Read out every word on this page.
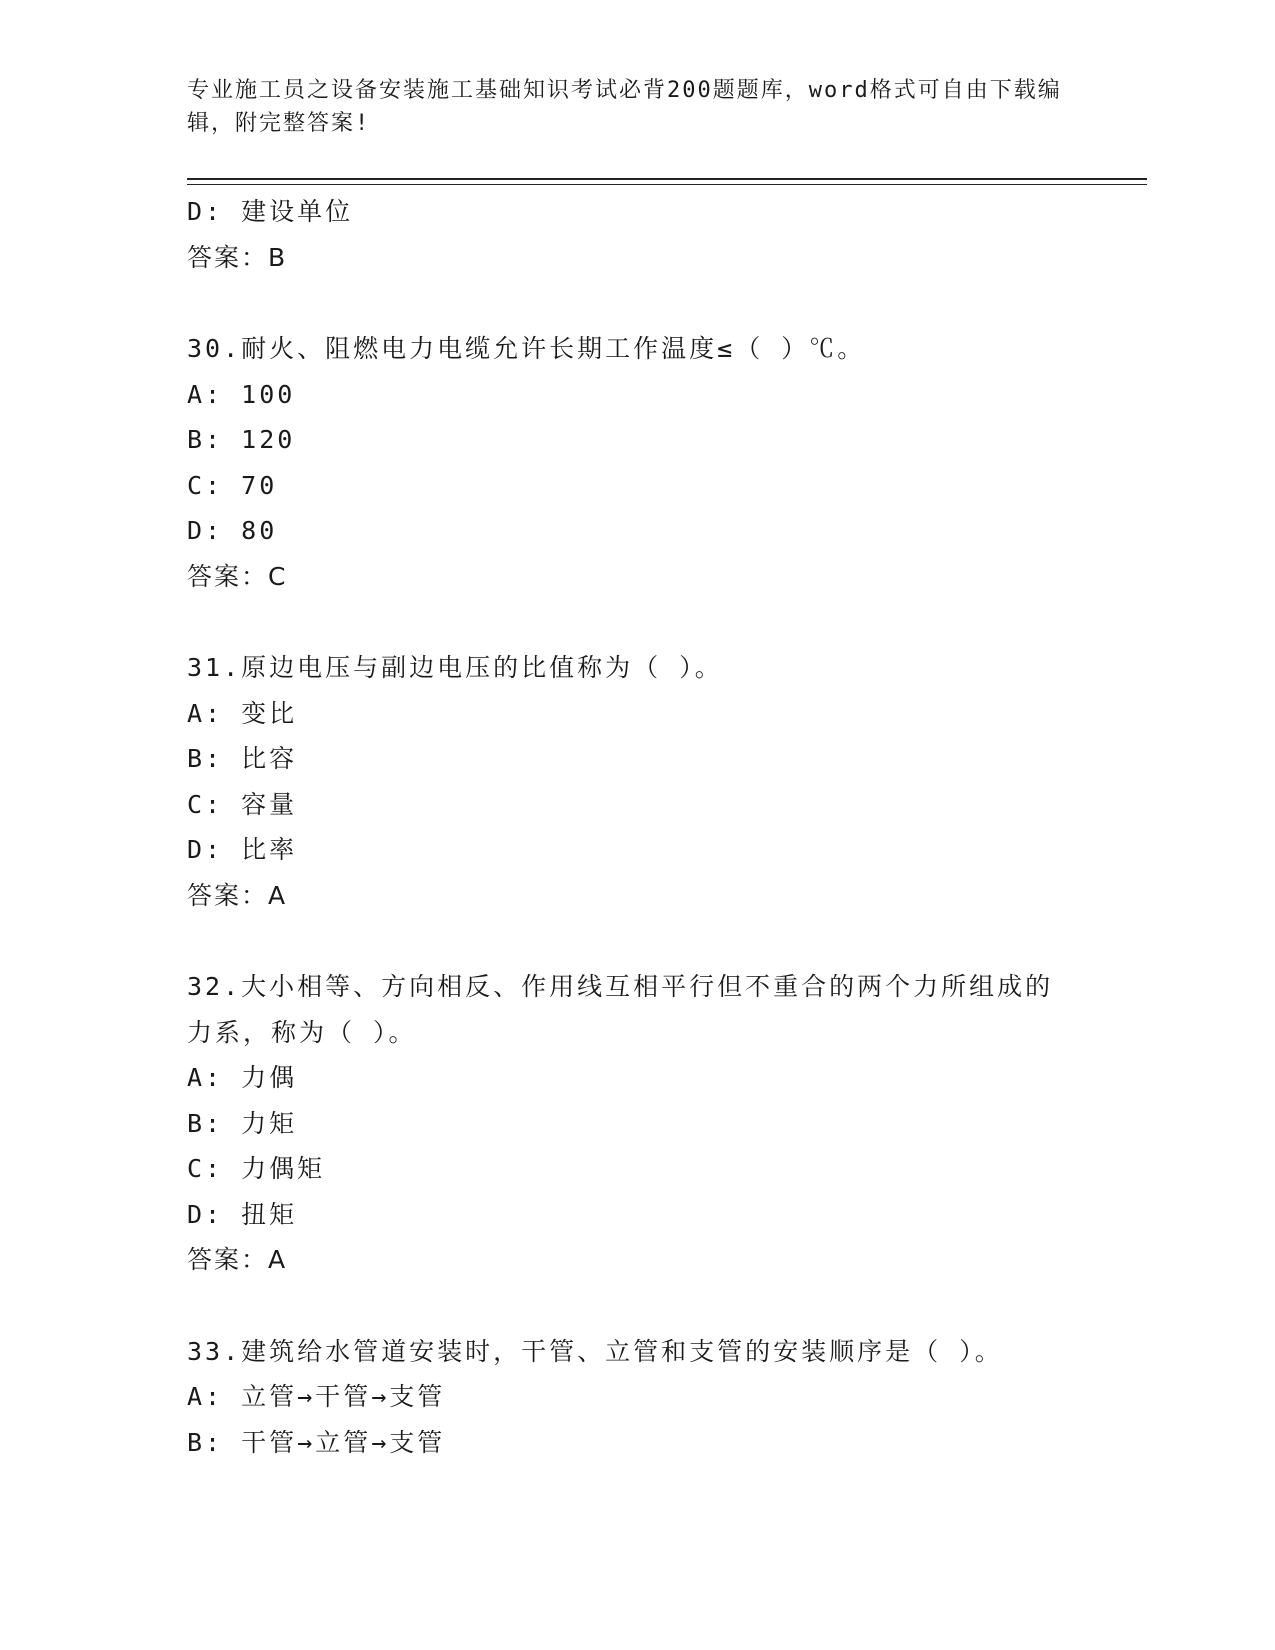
专业施工员之设备安装施工基础知识考试必背200题题库，word格式可自由下载编辑，附完整答案!
D: 建设单位
答案：B
30.耐火、阻燃电力电缆允许长期工作温度≤（ ）℃。
A: 100
B: 120
C: 70
D: 80
答案：C
31.原边电压与副边电压的比值称为（ ）。
A: 变比
B: 比容
C: 容量
D: 比率
答案：A
32.大小相等、方向相反、作用线互相平行但不重合的两个力所组成的
力系，称为（ ）。
A: 力偶
B: 力矩
C: 力偶矩
D: 扭矩
答案：A
33.建筑给水管道安装时，干管、立管和支管的安装顺序是（ ）。
A: 立管→干管→支管
B: 干管→立管→支管
